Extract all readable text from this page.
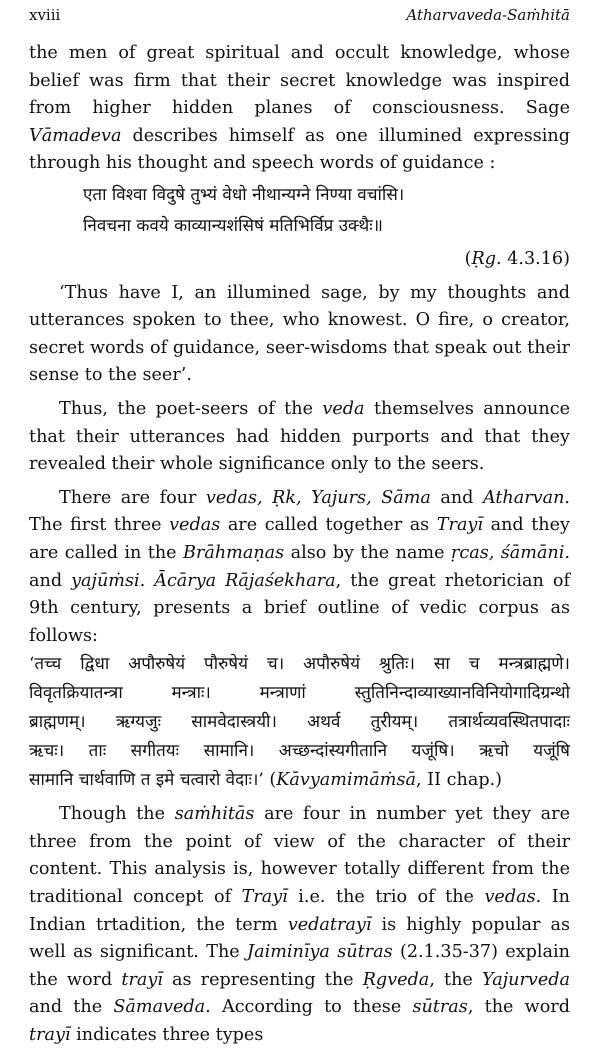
xviii	Atharvaveda-Saṁhitā

the men of great spiritual and occult knowledge, whose belief was firm that their secret knowledge was inspired from higher hidden planes of consciousness. Sage Vāmadeva describes himself as one illumined expressing through his thought and speech words of guidance :

एता विश्वा विदुषे तुभ्यं वेधो नीथान्यग्ने निण्या वचांसि।
निवचना कवये काव्यान्यशंसिषं मतिभिर्विप्र उक्थैः॥
(Ṛg. 4.3.16)

‘Thus have I, an illumined sage, by my thoughts and utterances spoken to thee, who knowest. O fire, o creator, secret words of guidance, seer-wisdoms that speak out their sense to the seer’.

Thus, the poet-seers of the veda themselves announce that their utterances had hidden purports and that they revealed their whole significance only to the seers.

There are four vedas, Ṛk, Yajurs, Sāma and Atharvan. The first three vedas are called together as Trayī and they are called in the Brāhmaṇas also by the name ṛcas, śāmāni. and yajūṁsi. Ācārya Rājaśekhara, the great rhetorician of 9th century, presents a brief outline of vedic corpus as follows:

‘तच्च द्विधा अपौरुषेयं पौरुषेयं च। अपौरुषेयं श्रुतिः। सा च मन्त्रब्राह्मणे।
विवृतक्रियातन्त्रा मन्त्राः। मन्त्राणां स्तुतिनिन्दाव्याख्यानविनियोगादिग्रन्थो
ब्राह्मणम्। ऋग्यजुः सामवेदास्त्रयी। अथर्व तुरीयम्। तत्रार्थव्यवस्थितपादाः
ऋचः। ताः सगीतयः सामानि। अच्छन्दांस्यगीतानि यजूंषि। ऋचो यजूंषि
सामानि चार्थवाणि त इमे चत्वारो वेदाः।’ (Kāvyamimāṁsā, II chap.)

Though the saṁhitās are four in number yet they are three from the point of view of the character of their content. This analysis is, however totally different from the traditional concept of Trayī i.e. the trio of the vedas. In Indian trtadition, the term vedatrayī is highly popular as well as significant. The Jaiminīya sūtras (2.1.35-37) explain the word trayī as representing the Ṛgveda, the Yajurveda and the Sāmaveda. According to these sūtras, the word trayī indicates three types
